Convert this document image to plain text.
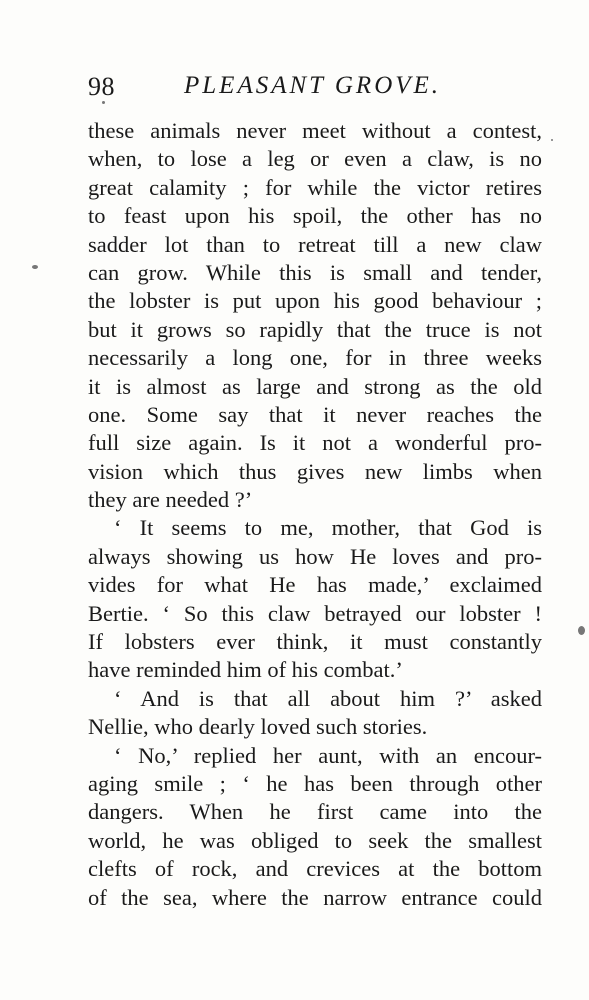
98	PLEASANT GROVE.
these animals never meet without a contest,
when, to lose a leg or even a claw, is no
great calamity ; for while the victor retires
to feast upon his spoil, the other has no
sadder lot than to retreat till a new claw
can grow. While this is small and tender,
the lobster is put upon his good behaviour ;
but it grows so rapidly that the truce is not
necessarily a long one, for in three weeks
it is almost as large and strong as the old
one. Some say that it never reaches the
full size again. Is it not a wonderful pro-
vision which thus gives new limbs when
they are needed ?’
‘ It seems to me, mother, that God is
always showing us how He loves and pro-
vides for what He has made,’ exclaimed
Bertie. ‘ So this claw betrayed our lobster !
If lobsters ever think, it must constantly
have reminded him of his combat.’
‘ And is that all about him ?’ asked
Nellie, who dearly loved such stories.
‘ No,’ replied her aunt, with an encour-
aging smile ; ‘ he has been through other
dangers. When he first came into the
world, he was obliged to seek the smallest
clefts of rock, and crevices at the bottom
of the sea, where the narrow entrance could
